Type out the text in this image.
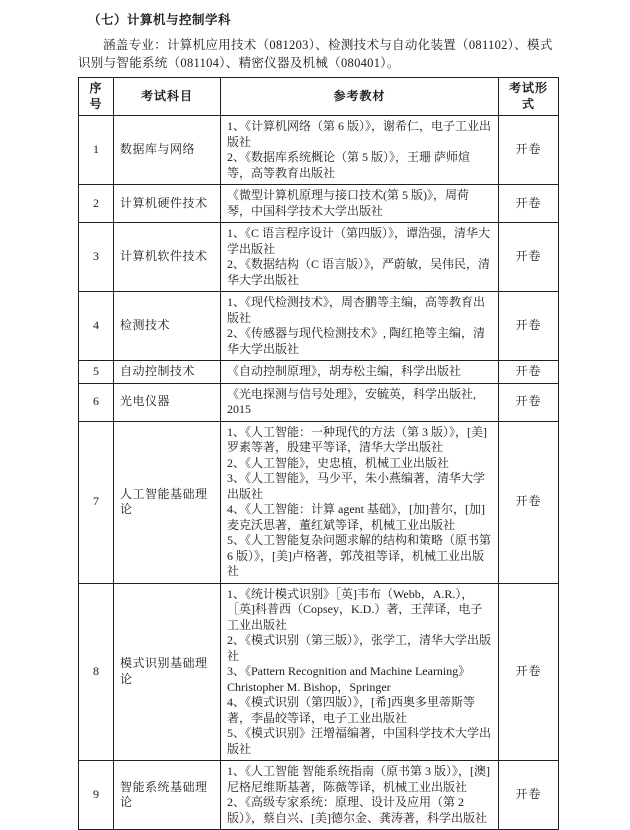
（七）计算机与控制学科
涵盖专业：计算机应用技术（081203）、检测技术与自动化装置（081102）、模式识别与智能系统（081104）、精密仪器及机械（080401）。
序号	考试科目	参考教材	考试形式
1	数据库与网络	1、《计算机网络（第 6 版）》，谢希仁，电子工业出版社
2、《数据库系统概论（第 5 版）》，王珊 萨师煊等，高等教育出版社	开卷
2	计算机硬件技术	《微型计算机原理与接口技术(第 5 版)》，周荷琴，中国科学技术大学出版社	开卷
3	计算机软件技术	1、《C 语言程序设计（第四版）》，谭浩强，清华大学出版社
2、《数据结构（C 语言版）》，严蔚敏，吴伟民，清华大学出版社	开卷
4	检测技术	1、《现代检测技术》，周杏鹏等主编，高等教育出版社
2、《传感器与现代检测技术》, 陶红艳等主编，清华大学出版社	开卷
5	自动控制技术	《自动控制原理》，胡寿松主编，科学出版社	开卷
6	光电仪器	《光电探测与信号处理》，安毓英，科学出版社, 2015	开卷
7	人工智能基础理论	1、《人工智能：一种现代的方法（第 3 版）》，[美]罗素等著，殷建平等译，清华大学出版社
2、《人工智能》，史忠植，机械工业出版社
3、《人工智能》，马少平，朱小燕编著，清华大学出版社
4、《人工智能：计算 agent 基础》，[加]普尔，[加]麦克沃思著，董红斌等译，机械工业出版社
5、《人工智能复杂问题求解的结构和策略（原书第 6 版）》，[美]卢格著，郭茂祖等译，机械工业出版社	开卷
8	模式识别基础理论	1、《统计模式识别》［英]韦布（Webb，A.R.），［英]科普西（Copsey，K.D.）著，王萍译，电子工业出版社
2、《模式识别（第三版）》，张学工，清华大学出版社
3、《Pattern Recognition and Machine Learning》Christopher M. Bishop，Springer
4、《模式识别（第四版）》，[希]西奥多里蒂斯等著，李晶皎等译，电子工业出版社
5、《模式识别》汪增福编著，中国科学技术大学出版社	开卷
9	智能系统基础理论	1、《人工智能 智能系统指南（原书第 3 版）》，[澳]尼格尼维斯基著，陈薇等译，机械工业出版社
2、《高级专家系统：原理、设计及应用（第 2 版）》，蔡自兴、[美]德尔金、龚涛著，科学出版社	开卷
